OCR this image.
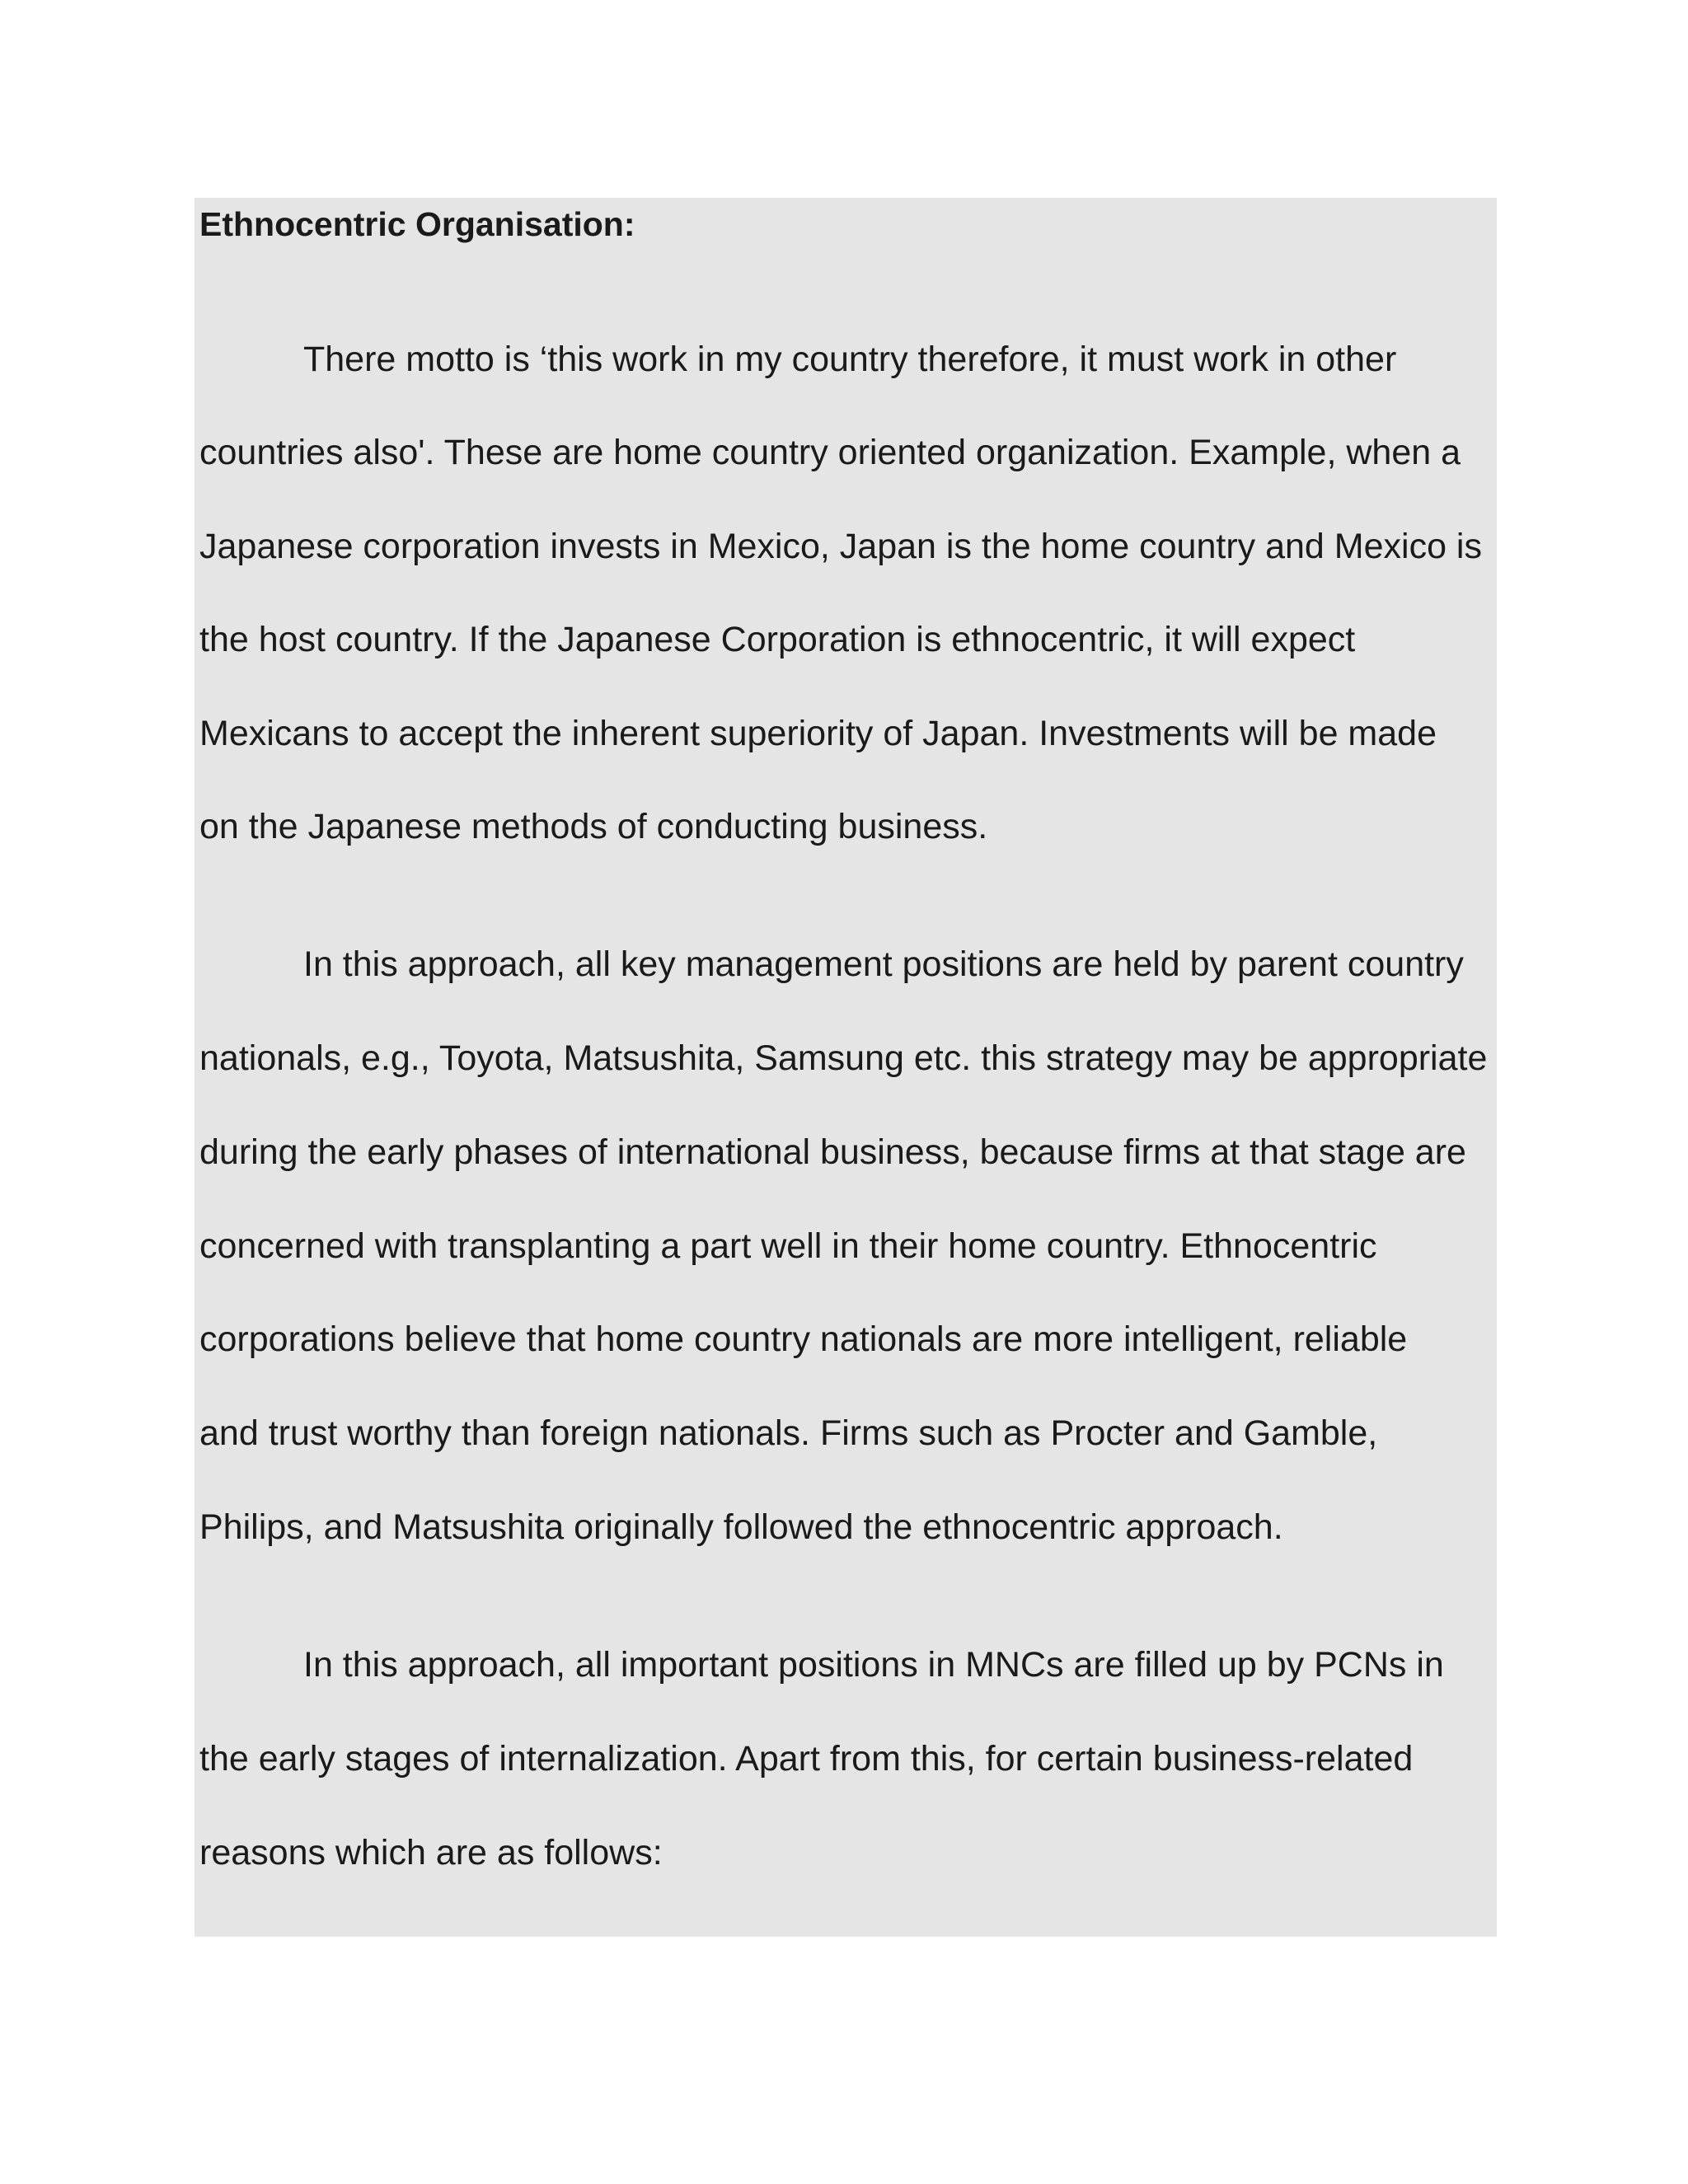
Ethnocentric Organisation:

There motto is ‘this work in my country therefore, it must work in other

countries also'. These are home country oriented organization. Example, when a

Japanese corporation invests in Mexico, Japan is the home country and Mexico is

the host country. If the Japanese Corporation is ethnocentric, it will expect

Mexicans to accept the inherent superiority of Japan. Investments will be made

on the Japanese methods of conducting business.

In this approach, all key management positions are held by parent country

nationals, e.g., Toyota, Matsushita, Samsung etc. this strategy may be appropriate

during the early phases of international business, because firms at that stage are

concerned with transplanting a part well in their home country. Ethnocentric

corporations believe that home country nationals are more intelligent, reliable

and trust worthy than foreign nationals. Firms such as Procter and Gamble,

Philips, and Matsushita originally followed the ethnocentric approach.

In this approach, all important positions in MNCs are filled up by PCNs in

the early stages of internalization. Apart from this, for certain business-related

reasons which are as follows:
